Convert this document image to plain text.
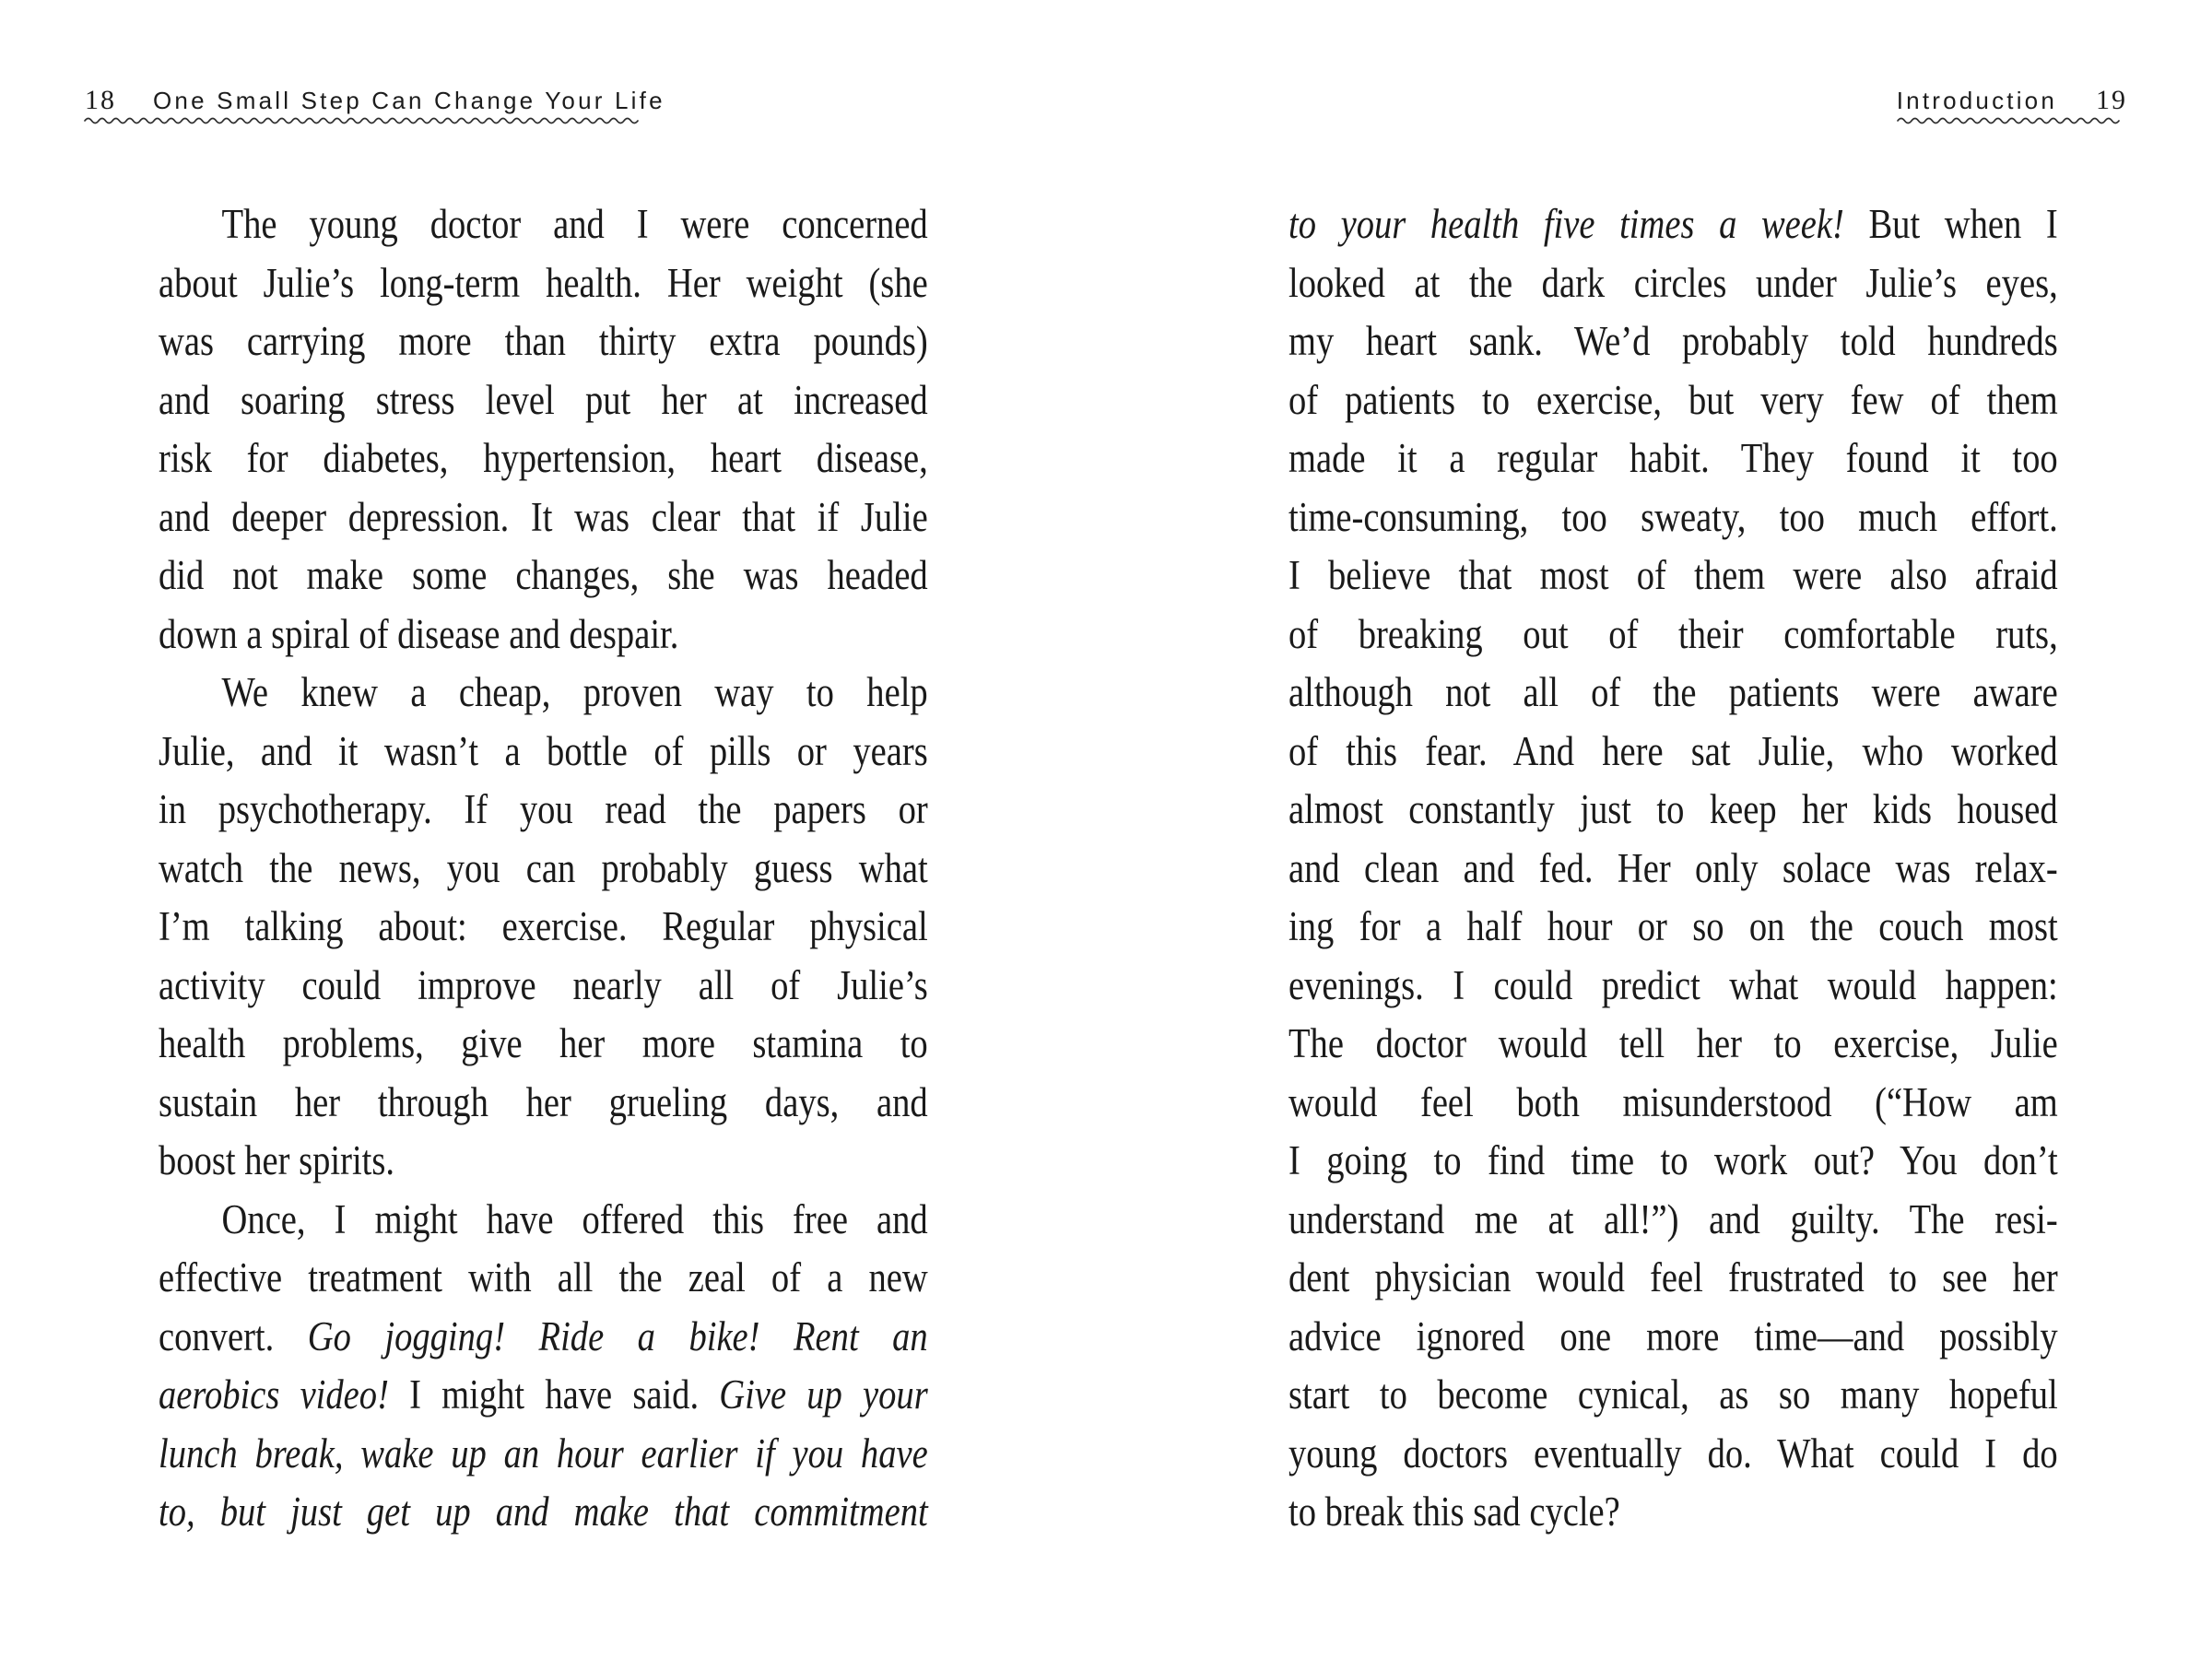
18 One Small Step Can Change Your Life	Introduction 19
The young doctor and I were concerned
about Julie’s long-term health. Her weight (she
was carrying more than thirty extra pounds)
and soaring stress level put her at increased
risk for diabetes, hypertension, heart disease,
and deeper depression. It was clear that if Julie
did not make some changes, she was headed
down a spiral of disease and despair.
We knew a cheap, proven way to help
Julie, and it wasn’t a bottle of pills or years
in psychotherapy. If you read the papers or
watch the news, you can probably guess what
I’m talking about: exercise. Regular physical
activity could improve nearly all of Julie’s
health problems, give her more stamina to
sustain her through her grueling days, and
boost her spirits.
Once, I might have offered this free and
effective treatment with all the zeal of a new
convert. Go jogging! Ride a bike! Rent an
aerobics video! I might have said. Give up your
lunch break, wake up an hour earlier if you have
to, but just get up and make that commitment
to your health five times a week! But when I
looked at the dark circles under Julie’s eyes,
my heart sank. We’d probably told hundreds
of patients to exercise, but very few of them
made it a regular habit. They found it too
time-consuming, too sweaty, too much effort.
I believe that most of them were also afraid
of breaking out of their comfortable ruts,
although not all of the patients were aware
of this fear. And here sat Julie, who worked
almost constantly just to keep her kids housed
and clean and fed. Her only solace was relax-
ing for a half hour or so on the couch most
evenings. I could predict what would happen:
The doctor would tell her to exercise, Julie
would feel both misunderstood (“How am
I going to find time to work out? You don’t
understand me at all!”) and guilty. The resi-
dent physician would feel frustrated to see her
advice ignored one more time—and possibly
start to become cynical, as so many hopeful
young doctors eventually do. What could I do
to break this sad cycle?
